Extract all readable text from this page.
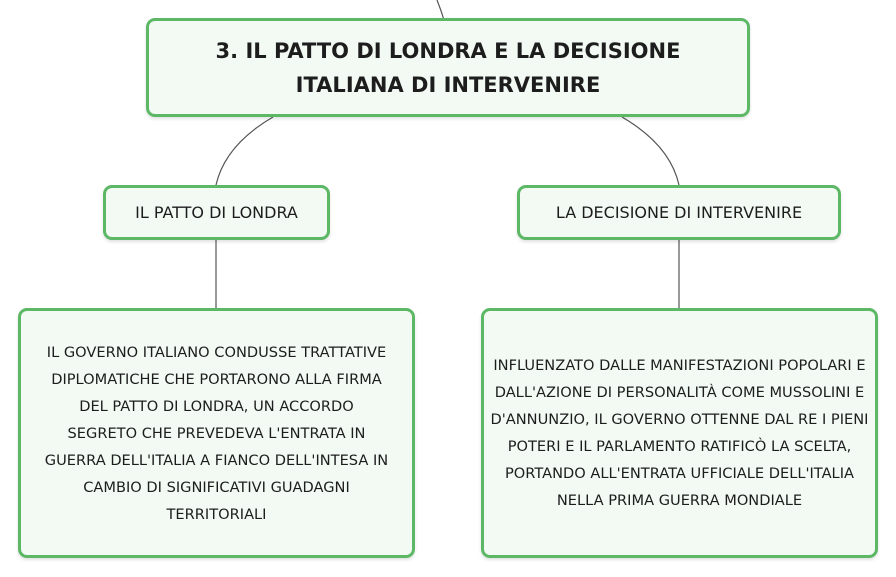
3. IL PATTO DI LONDRA E LA DECISIONE ITALIANA DI INTERVENIRE
IL PATTO DI LONDRA	LA DECISIONE DI INTERVENIRE
IL GOVERNO ITALIANO CONDUSSE TRATTATIVE DIPLOMATICHE CHE PORTARONO ALLA FIRMA DEL PATTO DI LONDRA, UN ACCORDO SEGRETO CHE PREVEDEVA L'ENTRATA IN GUERRA DELL'ITALIA A FIANCO DELL'INTESA IN CAMBIO DI SIGNIFICATIVI GUADAGNI TERRITORIALI
INFLUENZATO DALLE MANIFESTAZIONI POPOLARI E DALL'AZIONE DI PERSONALITÀ COME MUSSOLINI E D'ANNUNZIO, IL GOVERNO OTTENNE DAL RE I PIENI POTERI E IL PARLAMENTO RATIFICÒ LA SCELTA, PORTANDO ALL'ENTRATA UFFICIALE DELL'ITALIA NELLA PRIMA GUERRA MONDIALE
